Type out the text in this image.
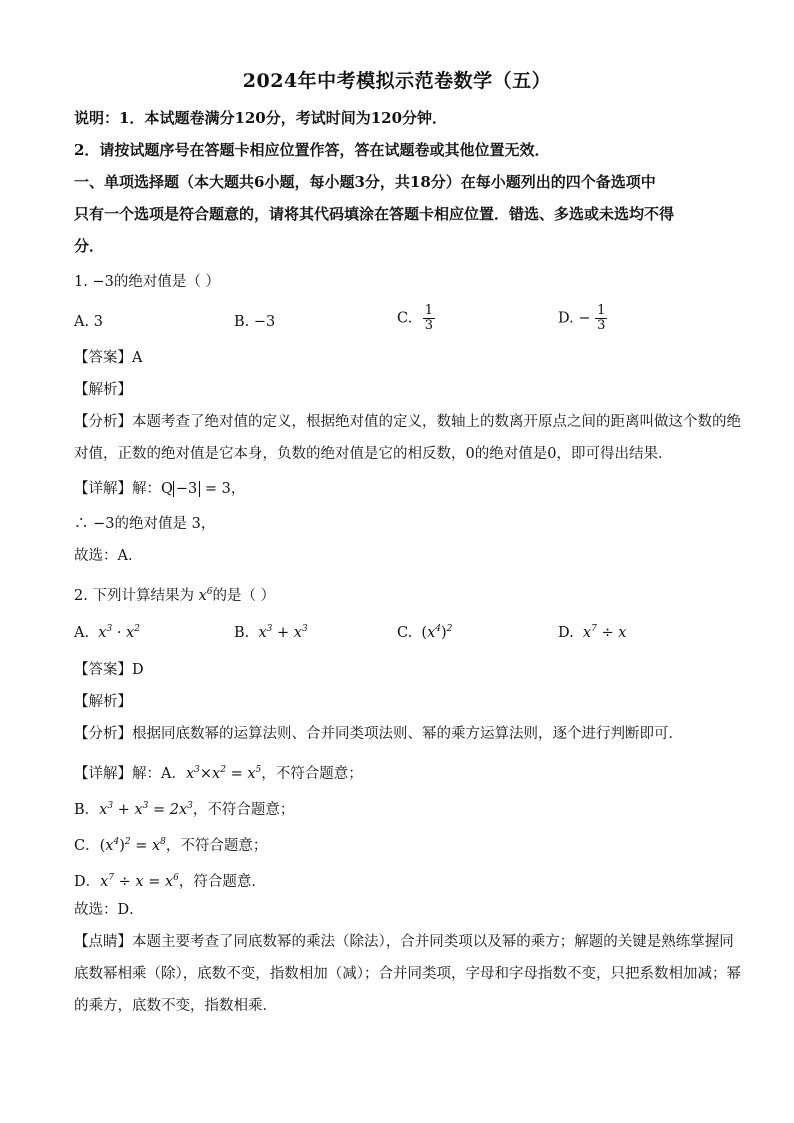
2024年中考模拟示范卷数学（五）
说明：1．本试题卷满分120分，考试时间为120分钟．
2．请按试题序号在答题卡相应位置作答，答在试题卷或其他位置无效．
一、单项选择题（本大题共6小题，每小题3分，共18分）在每小题列出的四个备选项中
只有一个选项是符合题意的，请将其代码填涂在答题卡相应位置．错选、多选或未选均不得
分．
1. −3的绝对值是（ ）
A. 3	B. −3	C. $\frac{1}{3}$	D. − $\frac{1}{3}$
【答案】A
【解析】
【分析】本题考查了绝对值的定义，根据绝对值的定义，数轴上的数离开原点之间的距离叫做这个数的绝
对值，正数的绝对值是它本身，负数的绝对值是它的相反数，0的绝对值是0，即可得出结果．
【详解】解：Q −3 = 3，
∴ −3的绝对值是 3，
故选：A．
2. 下列计算结果为 $x^6$的是（ ）
A.  $x^3 \cdot x^2$	B.  $x^3 + x^3$	C. $(x^4)^2$	D.  $x^7 \div x$
【答案】D
【解析】
【分析】根据同底数幂的运算法则、合并同类项法则、幂的乘方运算法则，逐个进行判断即可．
【详解】解：A．$x^3\times x^2 = x^5$，不符合题意；
B．$x^3 + x^3 = 2x^3$，不符合题意；
C．$(x^4)^2 = x^8$，不符合题意；
D．$x^7 \div x = x^6$，符合题意．
故选：D．
【点睛】本题主要考查了同底数幂的乘法（除法），合并同类项以及幂的乘方；解题的关键是熟练掌握同
底数幂相乘（除），底数不变，指数相加（减）；合并同类项，字母和字母指数不变，只把系数相加减；幂
的乘方，底数不变，指数相乘．
